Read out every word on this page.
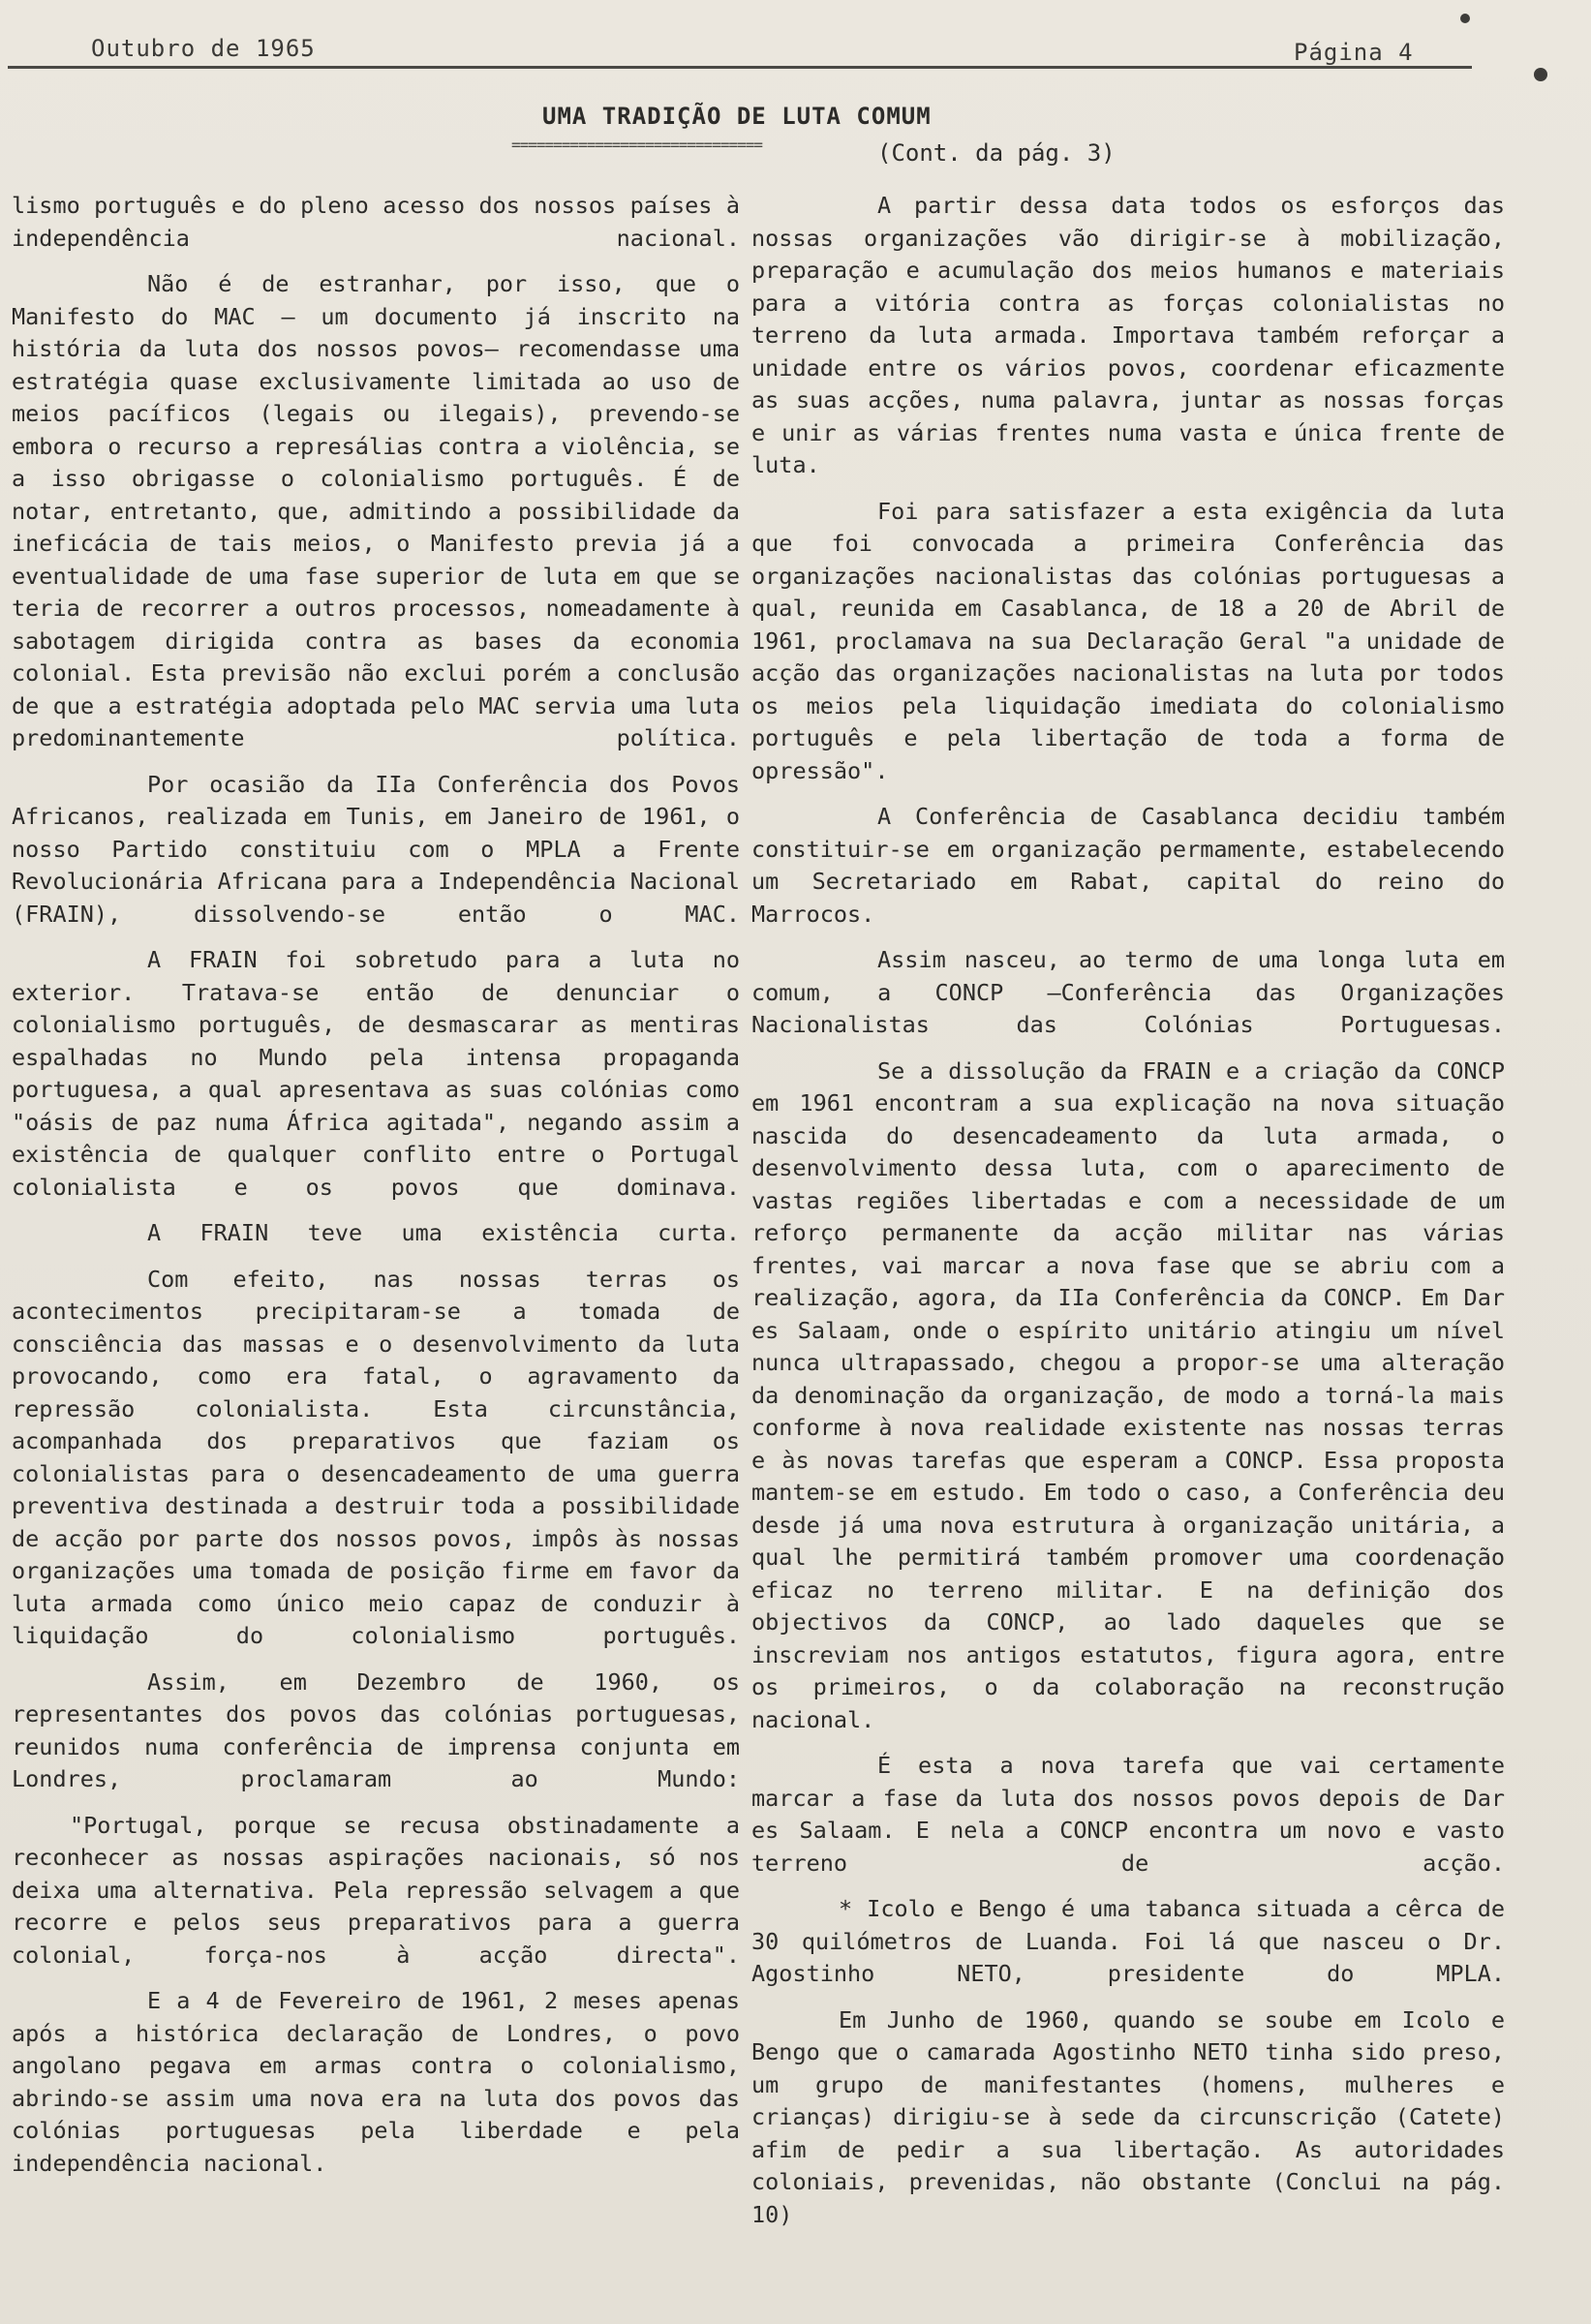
Outubro de 1965	Página 4
UMA TRADIÇÃO DE LUTA COMUM
==============================	(Cont. da pág. 3)

lismo português e do pleno acesso dos nossos países à independência nacional.

Não é de estranhar, por isso, que o Manifesto do MAC – um documento já inscrito na história da luta dos nossos povos– recomendasse uma estratégia quase exclusivamente limitada ao uso de meios pacíficos (legais ou ilegais), prevendo-se embora o recurso a represálias contra a violência, se a isso obrigasse o colonialismo português. É de notar, entretanto, que, admitindo a possibilidade da ineficácia de tais meios, o Manifesto previa já a eventualidade de uma fase superior de luta em que se teria de recorrer a outros processos, nomeadamente à sabotagem dirigida contra as bases da economia colonial. Esta previsão não exclui porém a conclusão de que a estratégia adoptada pelo MAC servia uma luta predominantemente política.

Por ocasião da IIa Conferência dos Povos Africanos, realizada em Tunis, em Janeiro de 1961, o nosso Partido constituiu com o MPLA a Frente Revolucionária Africana para a Independência Nacional (FRAIN), dissolvendo-se então o MAC.

A FRAIN foi sobretudo para a luta no exterior. Tratava-se então de denunciar o colonialismo português, de desmascarar as mentiras espalhadas no Mundo pela intensa propaganda portuguesa, a qual apresentava as suas colónias como "oásis de paz numa África agitada", negando assim a existência de qualquer conflito entre o Portugal colonialista e os povos que dominava.

A FRAIN teve uma existência curta.

Com efeito, nas nossas terras os acontecimentos precipitaram-se a tomada de consciência das massas e o desenvolvimento da luta provocando, como era fatal, o agravamento da repressão colonialista. Esta circunstância, acompanhada dos preparativos que faziam os colonialistas para o desencadeamento de uma guerra preventiva destinada a destruir toda a possibilidade de acção por parte dos nossos povos, impôs às nossas organizações uma tomada de posição firme em favor da luta armada como único meio capaz de conduzir à liquidação do colonialismo português.

Assim, em Dezembro de 1960, os representantes dos povos das colónias portuguesas, reunidos numa conferência de imprensa conjunta em Londres, proclamaram ao Mundo:

"Portugal, porque se recusa obstinadamente a reconhecer as nossas aspirações nacionais, só nos deixa uma alternativa. Pela repressão selvagem a que recorre e pelos seus preparativos para a guerra colonial, força-nos à acção directa".

E a 4 de Fevereiro de 1961, 2 meses apenas após a histórica declaração de Londres, o povo angolano pegava em armas contra o colonialismo, abrindo-se assim uma nova era na luta dos povos das colónias portuguesas pela liberdade e pela independência nacional.

A partir dessa data todos os esforços das nossas organizações vão dirigir-se à mobilização, preparação e acumulação dos meios humanos e materiais para a vitória contra as forças colonialistas no terreno da luta armada. Importava também reforçar a unidade entre os vários povos, coordenar eficazmente as suas acções, numa palavra, juntar as nossas forças e unir as várias frentes numa vasta e única frente de luta.

Foi para satisfazer a esta exigência da luta que foi convocada a primeira Conferência das organizações nacionalistas das colónias portuguesas a qual, reunida em Casablanca, de 18 a 20 de Abril de 1961, proclamava na sua Declaração Geral "a unidade de acção das organizações nacionalistas na luta por todos os meios pela liquidação imediata do colonialismo português e pela libertação de toda a forma de opressão".

A Conferência de Casablanca decidiu também constituir-se em organização permamente, estabelecendo um Secretariado em Rabat, capital do reino do Marrocos.

Assim nasceu, ao termo de uma longa luta em comum, a CONCP –Conferência das Organizações Nacionalistas das Colónias Portuguesas.

Se a dissolução da FRAIN e a criação da CONCP em 1961 encontram a sua explicação na nova situação nascida do desencadeamento da luta armada, o desenvolvimento dessa luta, com o aparecimento de vastas regiões libertadas e com a necessidade de um reforço permanente da acção militar nas várias frentes, vai marcar a nova fase que se abriu com a realização, agora, da IIa Conferência da CONCP. Em Dar es Salaam, onde o espírito unitário atingiu um nível nunca ultrapassado, chegou a propor-se uma alteração da denominação da organização, de modo a torná-la mais conforme à nova realidade existente nas nossas terras e às novas tarefas que esperam a CONCP. Essa proposta mantem-se em estudo. Em todo o caso, a Conferência deu desde já uma nova estrutura à organização unitária, a qual lhe permitirá também promover uma coordenação eficaz no terreno militar. E na definição dos objectivos da CONCP, ao lado daqueles que se inscreviam nos antigos estatutos, figura agora, entre os primeiros, o da colaboração na reconstrução nacional.

É esta a nova tarefa que vai certamente marcar a fase da luta dos nossos povos depois de Dar es Salaam. E nela a CONCP encontra um novo e vasto terreno de acção.

* Icolo e Bengo é uma tabanca situada a cêrca de 30 quilómetros de Luanda. Foi lá que nasceu o Dr. Agostinho NETO, presidente do MPLA.

Em Junho de 1960, quando se soube em Icolo e Bengo que o camarada Agostinho NETO tinha sido preso, um grupo de manifestantes (homens, mulheres e crianças) dirigiu-se à sede da circunscrição (Catete) afim de pedir a sua libertação. As autoridades coloniais, prevenidas, não obstante (Conclui na pág. 10)
